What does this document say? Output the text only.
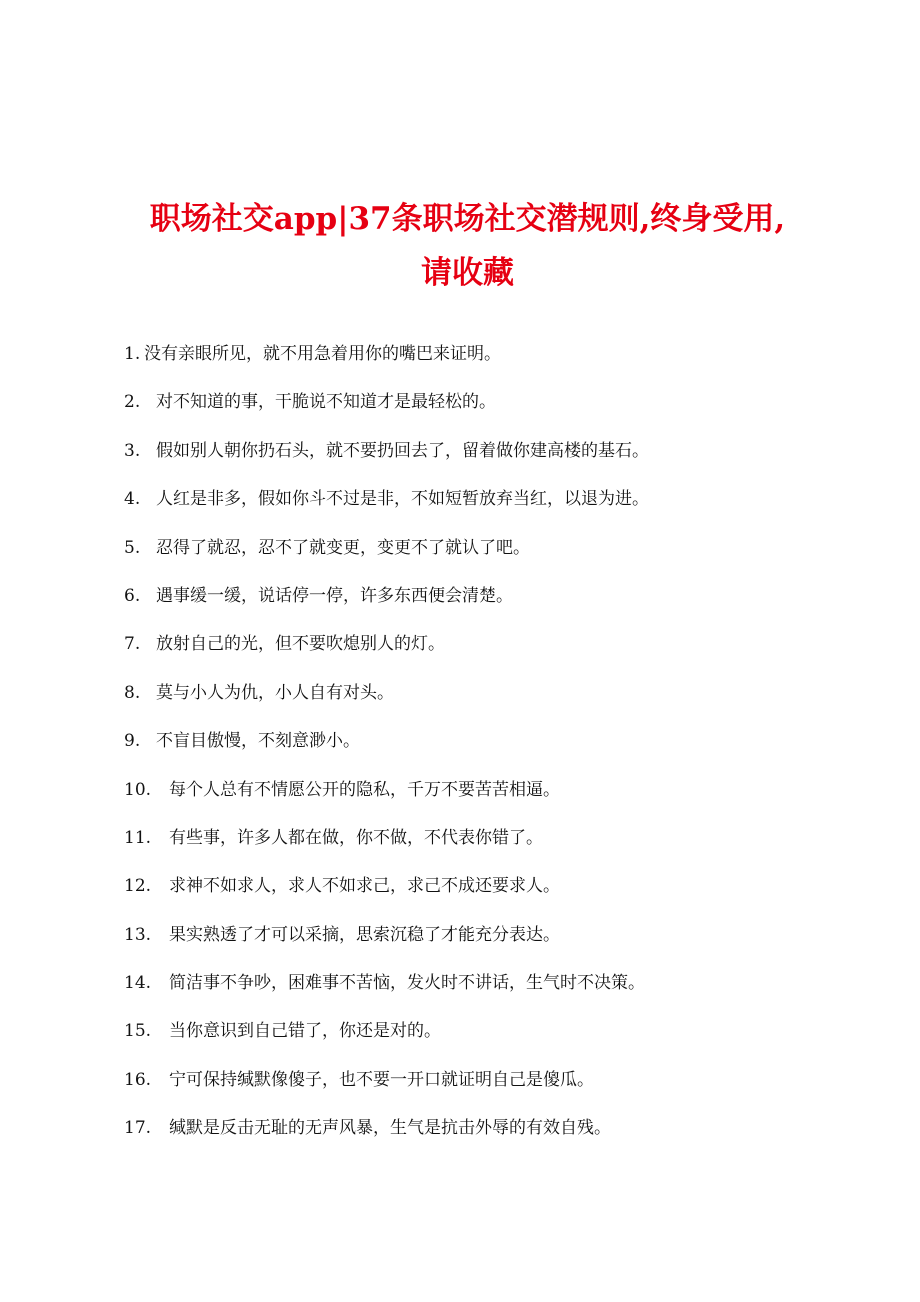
职场社交app|37条职场社交潜规则,终身受用,
请收藏
1. 没有亲眼所见，就不用急着用你的嘴巴来证明。
2. 对不知道的事，干脆说不知道才是最轻松的。
3. 假如别人朝你扔石头，就不要扔回去了，留着做你建高楼的基石。
4. 人红是非多，假如你斗不过是非，不如短暂放弃当红，以退为进。
5. 忍得了就忍，忍不了就变更，变更不了就认了吧。
6. 遇事缓一缓，说话停一停，许多东西便会清楚。
7. 放射自己的光，但不要吹熄别人的灯。
8. 莫与小人为仇，小人自有对头。
9. 不盲目傲慢，不刻意渺小。
10.	每个人总有不情愿公开的隐私，千万不要苦苦相逼。
11.	有些事，许多人都在做，你不做，不代表你错了。
12.	求神不如求人，求人不如求己，求己不成还要求人。
13.	果实熟透了才可以采摘，思索沉稳了才能充分表达。
14.	简洁事不争吵，困难事不苦恼，发火时不讲话，生气时不决策。
15.	当你意识到自己错了，你还是对的。
16.	宁可保持缄默像傻子，也不要一开口就证明自己是傻瓜。
17.	缄默是反击无耻的无声风暴，生气是抗击外辱的有效自残。
